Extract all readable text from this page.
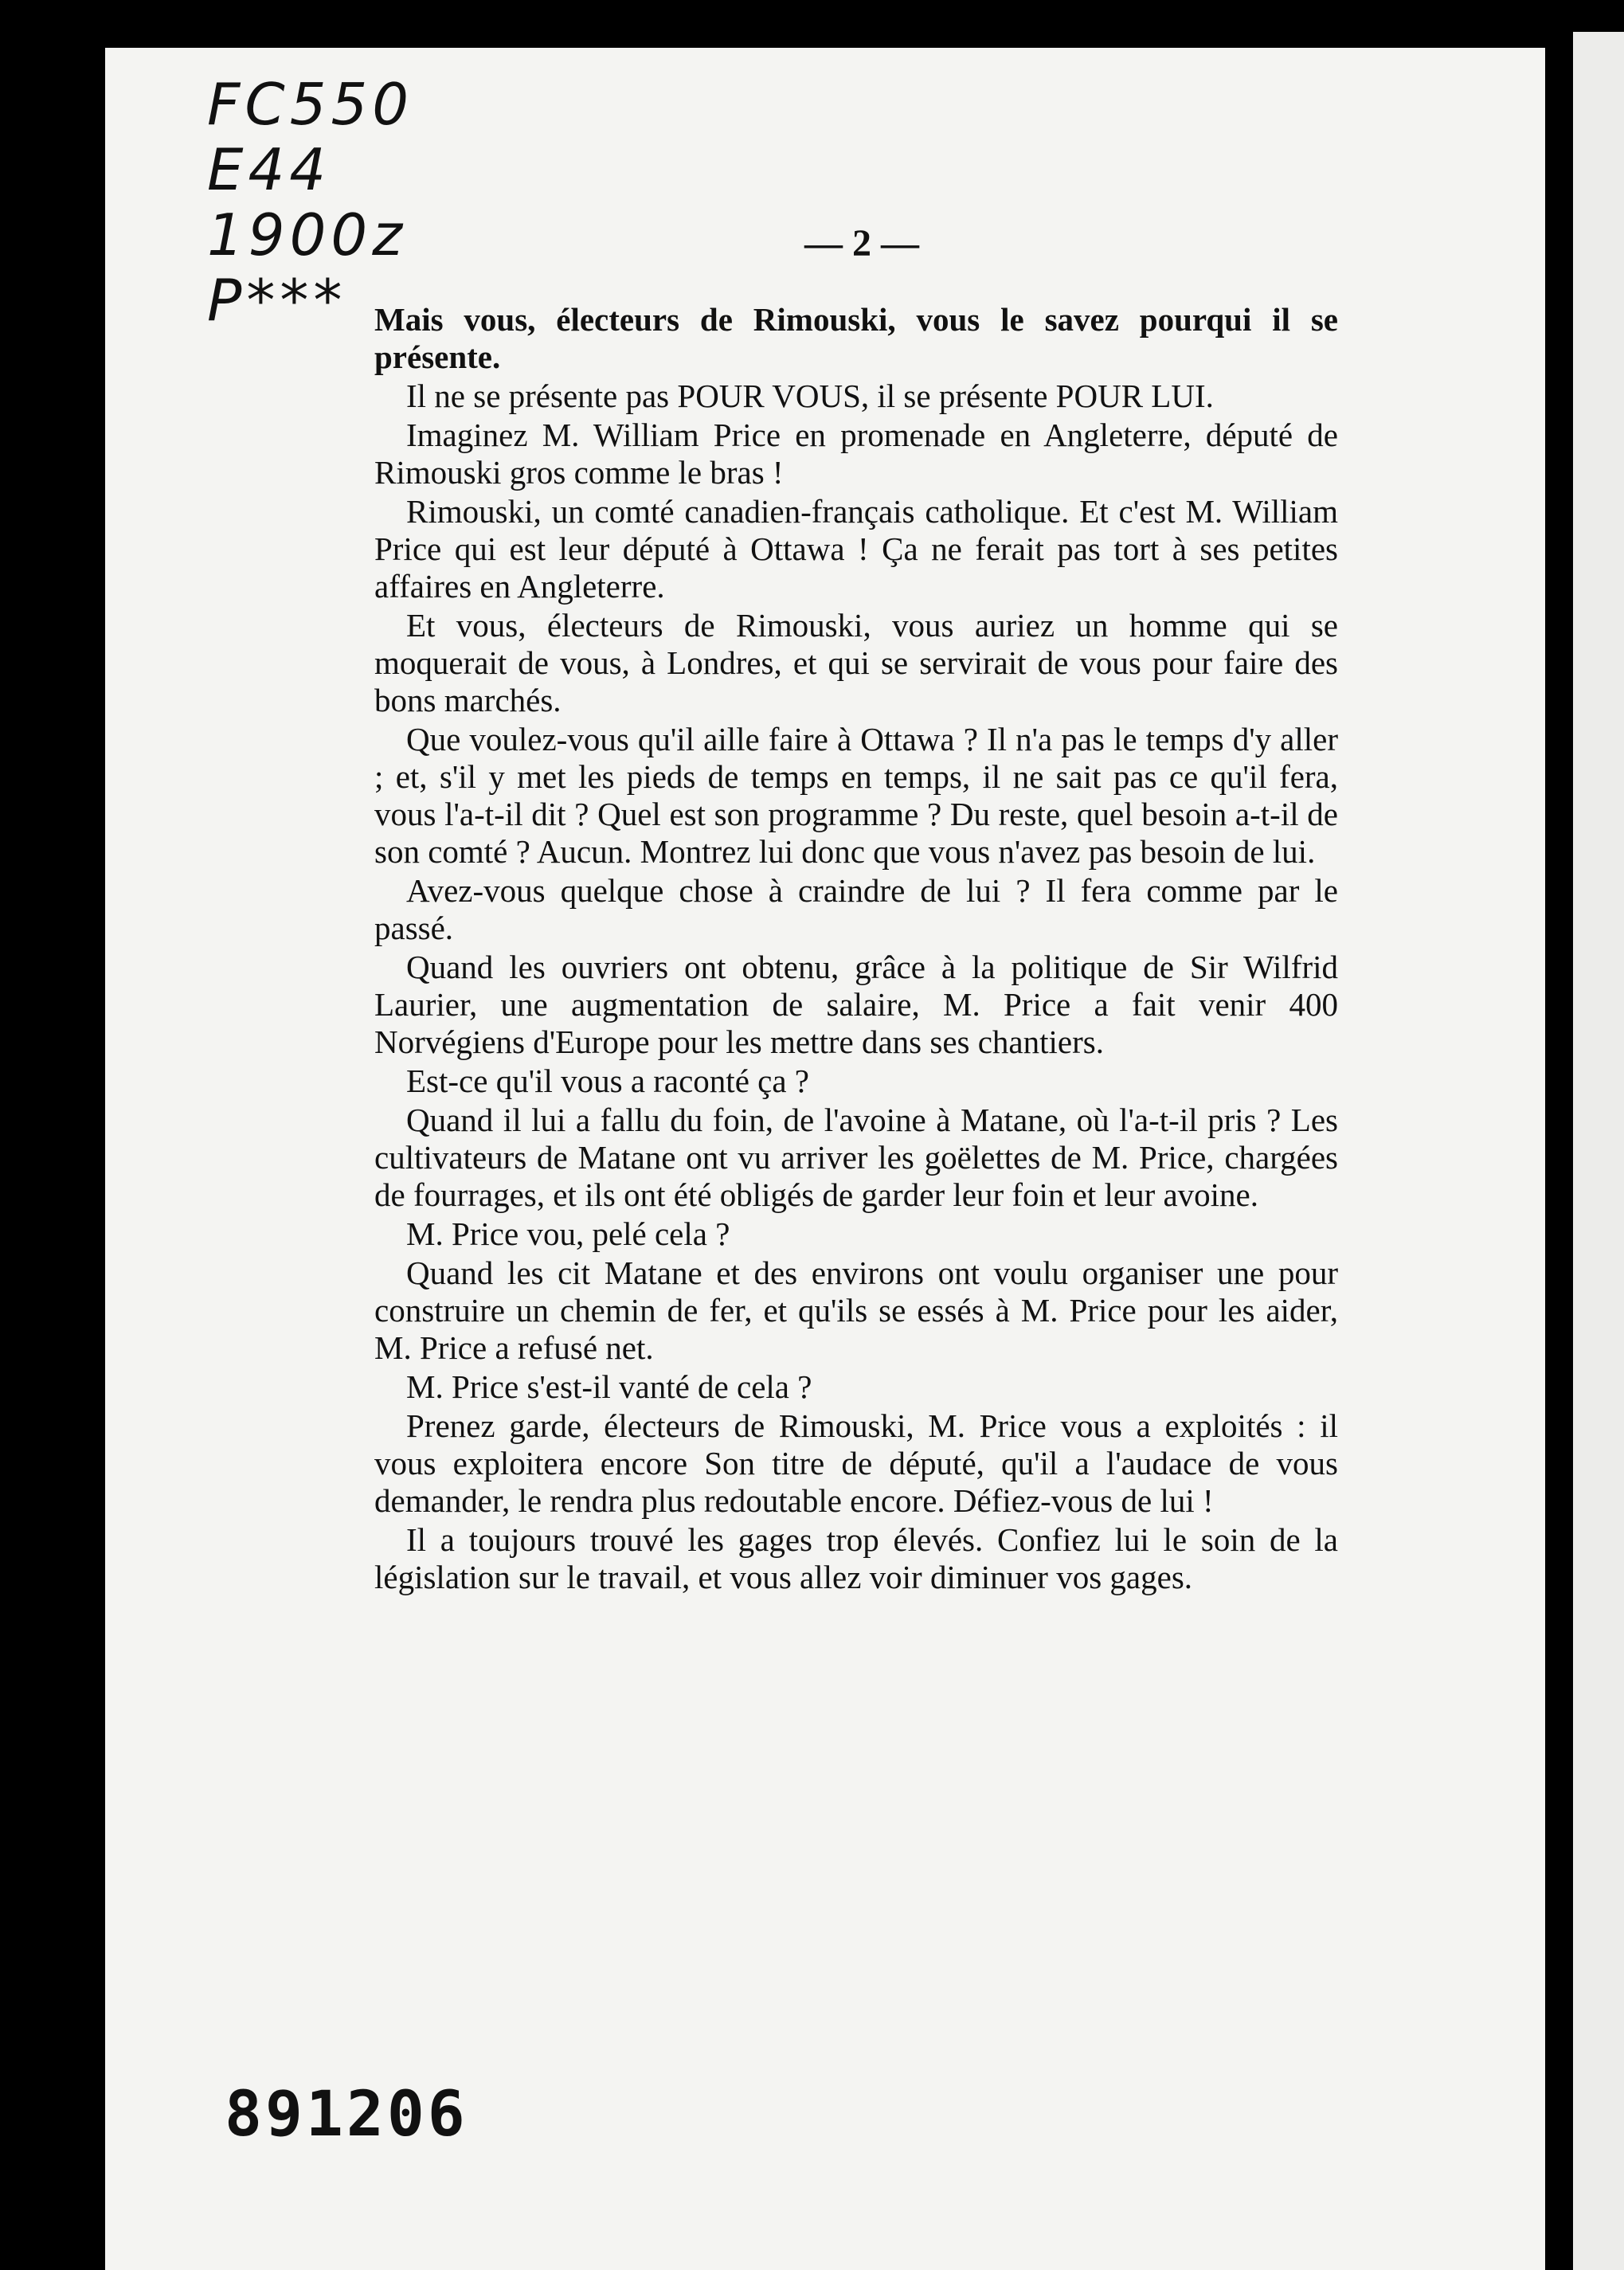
FC550
E44
1900z
P***
— 2 —

Mais vous, électeurs de Rimouski, vous le savez pourqui il se présente.

Il ne se présente pas POUR VOUS, il se présente POUR LUI.

Imaginez M. William Price en promenade en Angleterre, député de Rimouski gros comme le bras !

Rimouski, un comté canadien-français catholique. Et c'est M. William Price qui est leur député à Ottawa ! Ça ne ferait pas tort à ses petites affaires en Angleterre.

Et vous, électeurs de Rimouski, vous auriez un homme qui se moquerait de vous, à Londres, et qui se servirait de vous pour faire des bons marchés.

Que voulez-vous qu'il aille faire à Ottawa ? Il n'a pas le temps d'y aller ; et, s'il y met les pieds de temps en temps, il ne sait pas ce qu'il fera, vous l'a-t-il dit ? Quel est son programme ? Du reste, quel besoin a-t-il de son comté ? Aucun. Montrez lui donc que vous n'avez pas besoin de lui.

Avez-vous quelque chose à craindre de lui ? Il fera comme par le passé.

Quand les ouvriers ont obtenu, grâce à la politique de Sir Wilfrid Laurier, une augmentation de salaire, M. Price a fait venir 400 Norvégiens d'Europe pour les mettre dans ses chantiers.

Est-ce qu'il vous a raconté ça ?

Quand il lui a fallu du foin, de l'avoine à Matane, où l'a-t-il pris ? Les cultivateurs de Matane ont vu arriver les goëlettes de M. Price, chargées de fourrages, et ils ont été obligés de garder leur foin et leur avoine.

M. Price vou, pelé cela ?

Quand les cit Matane et des environs ont voulu organiser une pour construire un chemin de fer, et qu'ils se essés à M. Price pour les aider, M. Price a refusé net.

M. Price s'est-il vanté de cela ?

Prenez garde, électeurs de Rimouski, M. Price vous a exploités : il vous exploitera encore Son titre de député, qu'il a l'audace de vous demander, le rendra plus redoutable encore. Défiez-vous de lui !

Il a toujours trouvé les gages trop élevés. Confiez lui le soin de la législation sur le travail, et vous allez voir diminuer vos gages.

891206
